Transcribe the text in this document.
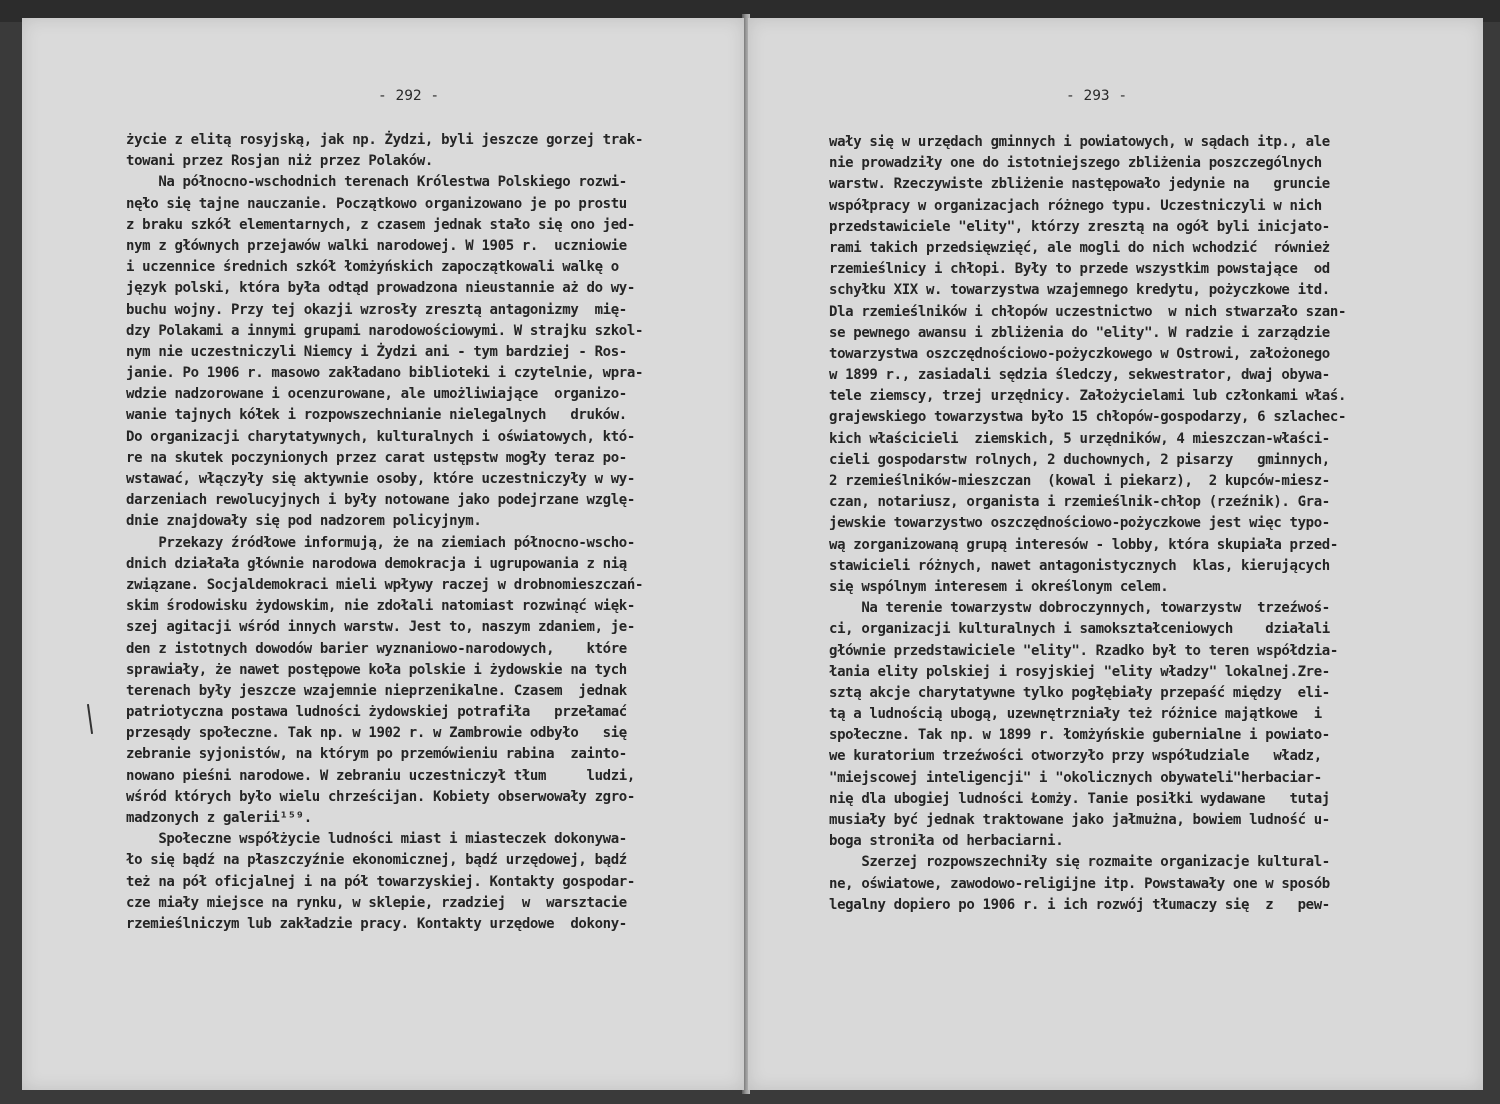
- 292 -
życie z elitą rosyjską, jak np. Żydzi, byli jeszcze gorzej trak-
towani przez Rosjan niż przez Polaków.
Na północno-wschodnich terenach Królestwa Polskiego rozwi-
nęło się tajne nauczanie. Początkowo organizowano je po prostu
z braku szkół elementarnych, z czasem jednak stało się ono jed-
nym z głównych przejawów walki narodowej. W 1905 r.  uczniowie
i uczennice średnich szkół łomżyńskich zapoczątkowali walkę o
język polski, która była odtąd prowadzona nieustannie aż do wy-
buchu wojny. Przy tej okazji wzrosły zresztą antagonizmy  mię-
dzy Polakami a innymi grupami narodowościowymi. W strajku szkol-
nym nie uczestniczyli Niemcy i Żydzi ani - tym bardziej - Ros-
janie. Po 1906 r. masowo zakładano biblioteki i czytelnie, wpra-
wdzie nadzorowane i ocenzurowane, ale umożliwiające  organizo-
wanie tajnych kółek i rozpowszechnianie nielegalnych   druków.
Do organizacji charytatywnych, kulturalnych i oświatowych, któ-
re na skutek poczynionych przez carat ustępstw mogły teraz po-
wstawać, włączyły się aktywnie osoby, które uczestniczyły w wy-
darzeniach rewolucyjnych i były notowane jako podejrzane wzglę-
dnie znajdowały się pod nadzorem policyjnym.
Przekazy źródłowe informują, że na ziemiach północno-wscho-
dnich działała głównie narodowa demokracja i ugrupowania z nią
związane. Socjaldemokraci mieli wpływy raczej w drobnomieszczań-
skim środowisku żydowskim, nie zdołali natomiast rozwinąć więk-
szej agitacji wśród innych warstw. Jest to, naszym zdaniem, je-
den z istotnych dowodów barier wyznaniowo-narodowych,    które
sprawiały, że nawet postępowe koła polskie i żydowskie na tych
terenach były jeszcze wzajemnie nieprzenikalne. Czasem  jednak
patriotyczna postawa ludności żydowskiej potrafiła   przełamać
przesądy społeczne. Tak np. w 1902 r. w Zambrowie odbyło   się
zebranie syjonistów, na którym po przemówieniu rabina  zainto-
nowano pieśni narodowe. W zebraniu uczestniczył tłum     ludzi,
wśród których było wielu chrześcijan. Kobiety obserwowały zgro-
madzonych z galerii¹⁵⁹.
Społeczne współżycie ludności miast i miasteczek dokonywa-
ło się bądź na płaszczyźnie ekonomicznej, bądź urzędowej, bądź
też na pół oficjalnej i na pół towarzyskiej. Kontakty gospodar-
cze miały miejsce na rynku, w sklepie, rzadziej  w  warsztacie
rzemieślniczym lub zakładzie pracy. Kontakty urzędowe  dokony-
- 293 -
wały się w urzędach gminnych i powiatowych, w sądach itp., ale
nie prowadziły one do istotniejszego zbliżenia poszczególnych
warstw. Rzeczywiste zbliżenie następowało jedynie na   gruncie
współpracy w organizacjach różnego typu. Uczestniczyli w nich
przedstawiciele "elity", którzy zresztą na ogół byli inicjato-
rami takich przedsięwzięć, ale mogli do nich wchodzić  również
rzemieślnicy i chłopi. Były to przede wszystkim powstające  od
schyłku XIX w. towarzystwa wzajemnego kredytu, pożyczkowe itd.
Dla rzemieślników i chłopów uczestnictwo  w nich stwarzało szan-
se pewnego awansu i zbliżenia do "elity". W radzie i zarządzie
towarzystwa oszczędnościowo-pożyczkowego w Ostrowi, założonego
w 1899 r., zasiadali sędzia śledczy, sekwestrator, dwaj obywa-
tele ziemscy, trzej urzędnicy. Założycielami lub członkami właś.
grajewskiego towarzystwa było 15 chłopów-gospodarzy, 6 szlachec-
kich właścicieli  ziemskich, 5 urzędników, 4 mieszczan-właści-
cieli gospodarstw rolnych, 2 duchownych, 2 pisarzy   gminnych,
2 rzemieślników-mieszczan  (kowal i piekarz),  2 kupców-miesz-
czan, notariusz, organista i rzemieślnik-chłop (rzeźnik). Gra-
jewskie towarzystwo oszczędnościowo-pożyczkowe jest więc typo-
wą zorganizowaną grupą interesów - lobby, która skupiała przed-
stawicieli różnych, nawet antagonistycznych  klas, kierujących
się wspólnym interesem i określonym celem.
Na terenie towarzystw dobroczynnych, towarzystw  trzeźwoś-
ci, organizacji kulturalnych i samokształceniowych    działali
głównie przedstawiciele "elity". Rzadko był to teren współdzia-
łania elity polskiej i rosyjskiej "elity władzy" lokalnej.Zre-
sztą akcje charytatywne tylko pogłębiały przepaść między  eli-
tą a ludnością ubogą, uzewnętrzniały też różnice majątkowe  i
społeczne. Tak np. w 1899 r. łomżyńskie gubernialne i powiato-
we kuratorium trzeźwości otworzyło przy współudziale   władz,
"miejscowej inteligencji" i "okolicznych obywateli"herbaciar-
nię dla ubogiej ludności Łomży. Tanie posiłki wydawane   tutaj
musiały być jednak traktowane jako jałmużna, bowiem ludność u-
boga stroniła od herbaciarni.
Szerzej rozpowszechniły się rozmaite organizacje kultural-
ne, oświatowe, zawodowo-religijne itp. Powstawały one w sposób
legalny dopiero po 1906 r. i ich rozwój tłumaczy się  z   pew-
